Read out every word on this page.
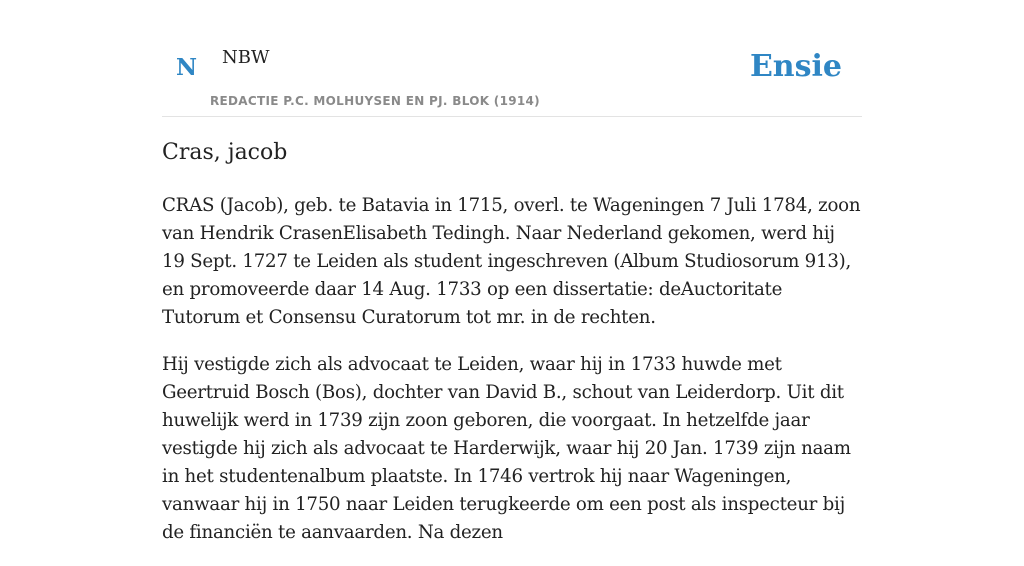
N NBW
REDACTIE P.C. MOLHUYSEN EN PJ. BLOK (1914)
Ensie
Cras, jacob

CRAS (Jacob), geb. te Batavia in 1715, overl. te Wageningen 7 Juli 1784, zoon van Hendrik CrasenElisabeth Tedingh. Naar Nederland gekomen, werd hij 19 Sept. 1727 te Leiden als student ingeschreven (Album Studiosorum 913), en promoveerde daar 14 Aug. 1733 op een dissertatie: deAuctoritate Tutorum et Consensu Curatorum tot mr. in de rechten.

Hij vestigde zich als advocaat te Leiden, waar hij in 1733 huwde met Geertruid Bosch (Bos), dochter van David B., schout van Leiderdorp. Uit dit huwelijk werd in 1739 zijn zoon geboren, die voorgaat. In hetzelfde jaar vestigde hij zich als advocaat te Harderwijk, waar hij 20 Jan. 1739 zijn naam in het studentenalbum plaatste. In 1746 vertrok hij naar Wageningen, vanwaar hij in 1750 naar Leiden terugkeerde om een post als inspecteur bij de financiën te aanvaarden. Na dezen
